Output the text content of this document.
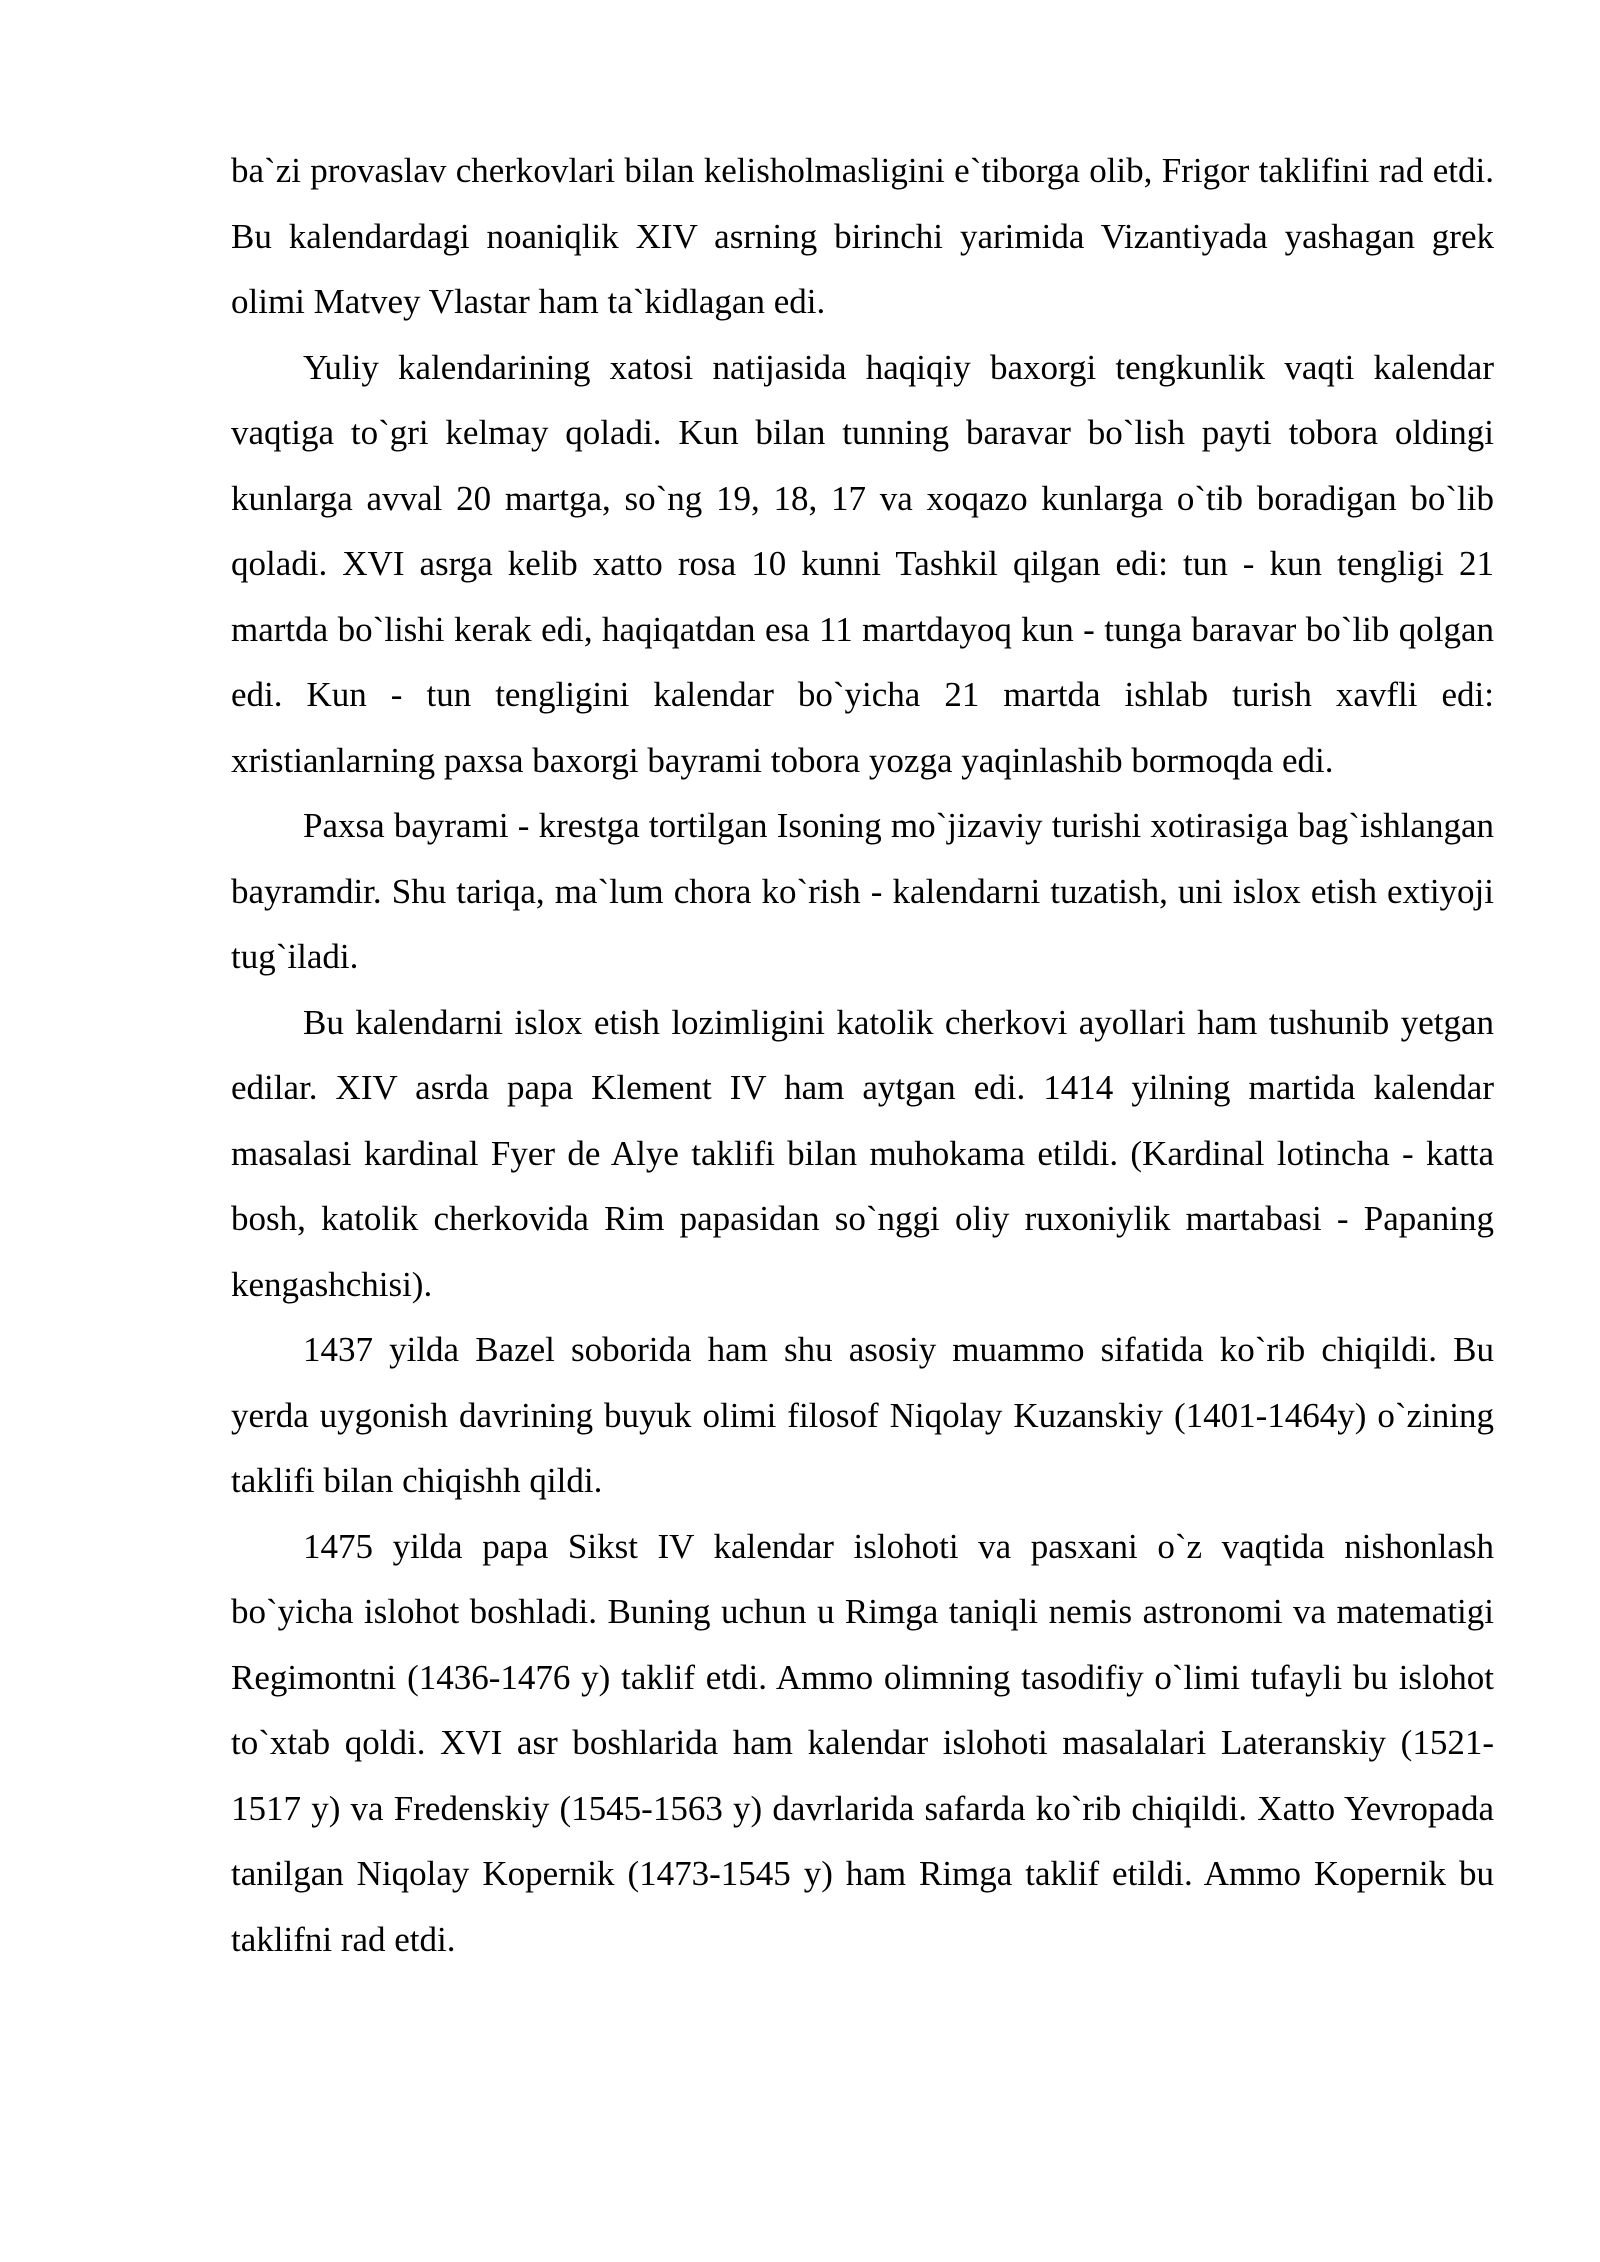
ba`zi provaslav cherkovlari bilan kelisholmasligini e`tiborga olib, Frigor taklifini rad etdi. Bu kalendardagi noaniqlik XIV asrning birinchi yarimida Vizantiyada yashagan grek olimi Matvey Vlastar ham ta`kidlagan edi.

Yuliy kalendarining xatosi natijasida haqiqiy baxorgi tengkunlik vaqti kalendar vaqtiga to`gri kelmay qoladi. Kun bilan tunning baravar bo`lish payti tobora oldingi kunlarga avval 20 martga, so`ng 19, 18, 17 va xoqazo kunlarga o`tib boradigan bo`lib qoladi. XVI asrga kelib xatto rosa 10 kunni Tashkil qilgan edi: tun - kun tengligi 21 martda bo`lishi kerak edi, haqiqatdan esa 11 martdayoq kun - tunga baravar bo`lib qolgan edi. Kun - tun tengligini kalendar bo`yicha 21 martda ishlab turish xavfli edi: xristianlarning paxsa baxorgi bayrami tobora yozga yaqinlashib bormoqda edi.

Paxsa bayrami - krestga tortilgan Isoning mo`jizaviy turishi xotirasiga bag`ishlangan bayramdir. Shu tariqa, ma`lum chora ko`rish - kalendarni tuzatish, uni islox etish extiyoji tug`iladi.

Bu kalendarni islox etish lozimligini katolik cherkovi ayollari ham tushunib yetgan edilar. XIV asrda papa Klement IV ham aytgan edi. 1414 yilning martida kalendar masalasi kardinal Fyer de Alye taklifi bilan muhokama etildi. (Kardinal lotincha - katta bosh, katolik cherkovida Rim papasidan so`nggi oliy ruxoniylik martabasi - Papaning kengashchisi).

1437 yilda Bazel soborida ham shu asosiy muammo sifatida ko`rib chiqildi. Bu yerda uygonish davrining buyuk olimi filosof Niqolay Kuzanskiy (1401-1464y) o`zining taklifi bilan chiqishh qildi.

1475 yilda papa Sikst IV kalendar islohoti va pasxani o`z vaqtida nishonlash bo`yicha islohot boshladi. Buning uchun u Rimga taniqli nemis astronomi va matematigi Regimontni (1436-1476 y) taklif etdi. Ammo olimning tasodifiy o`limi tufayli bu islohot to`xtab qoldi. XVI asr boshlarida ham kalendar islohoti masalalari Lateranskiy (1521-1517 y) va Fredenskiy (1545-1563 y) davrlarida safarda ko`rib chiqildi. Xatto Yevropada tanilgan Niqolay Kopernik (1473-1545 y) ham Rimga taklif etildi. Ammo Kopernik bu taklifni rad etdi.
